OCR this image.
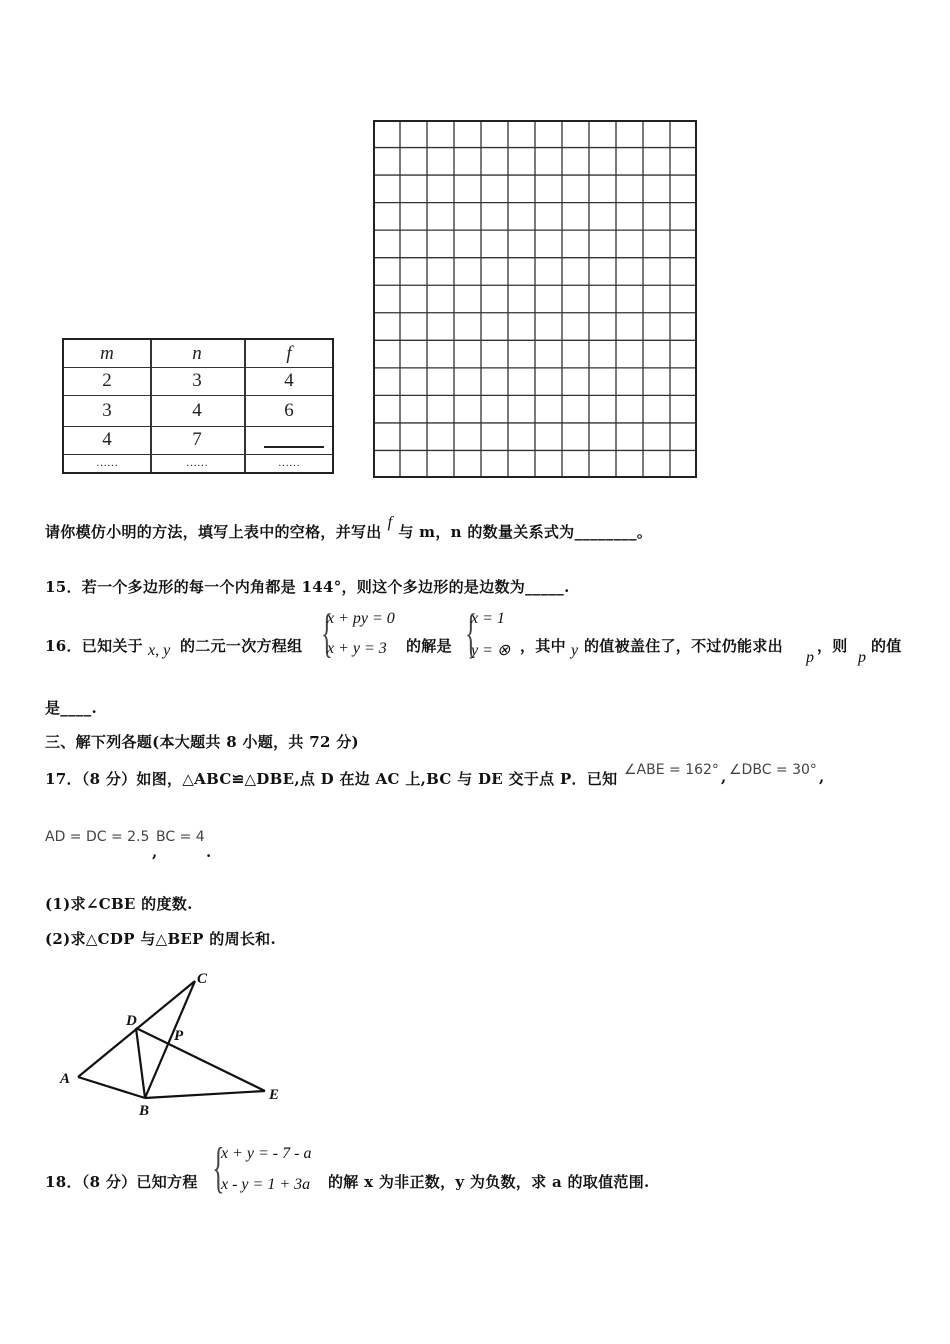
m	n	f
2	3	4
3	4	6
4	7
……	……	……
请你模仿小明的方法，填写上表中的空格，并写出f与 m，n 的数量关系式为________。
15．若一个多边形的每一个内角都是 144°，则这个多边形的是边数为_____.
16．已知关于 x, y 的二元一次方程组 {
x + py = 0
x + y = 3 的解是 {
x = 1
y = ⊗ ，其中 y 的值被盖住了，不过仍能求出
p
，则
p
的值
是____.
三、解下列各题(本大题共 8 小题，共 72 分)
17．（8 分）如图，△ABC≌△DBE,点 D 在边 AC 上,BC 与 DE 交于点 P．已知 ∠ABE = 162° , ∠DBC = 30° ,
AD = DC = 2.5
,
BC = 4
.
(1)求∠CBE 的度数.
(2)求△CDP 与△BEP 的周长和.
A
B
C
D
E
P
18．（8 分）已知方程 {
x + y = - 7 - a
x - y = 1 + 3a 的解 x 为非正数，y 为负数，求 a 的取值范围.
